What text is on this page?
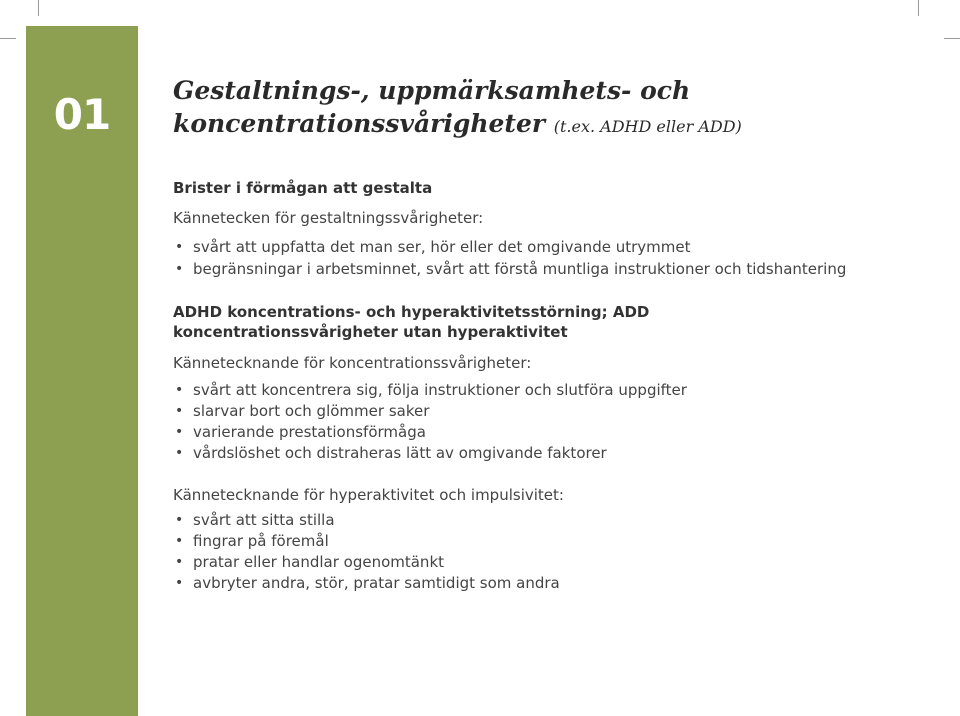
01	Gestaltnings-, uppmärksamhets- och
koncentrationssvårigheter (t.ex. ADHD eller ADD)
Brister i förmågan att gestalta
Kännetecken för gestaltningssvårigheter:
• svårt att uppfatta det man ser, hör eller det omgivande utrymmet
• begränsningar i arbetsminnet, svårt att förstå muntliga instruktioner och tidshantering
ADHD koncentrations- och hyperaktivitetsstörning; ADD koncentrationssvårigheter utan hyperaktivitet
Kännetecknande för koncentrationssvårigheter:
• svårt att koncentrera sig, följa instruktioner och slutföra uppgifter
• slarvar bort och glömmer saker
• varierande prestationsförmåga
• vårdslöshet och distraheras lätt av omgivande faktorer
Kännetecknande för hyperaktivitet och impulsivitet:
• svårt att sitta stilla
• fingrar på föremål
• pratar eller handlar ogenomtänkt
• avbryter andra, stör, pratar samtidigt som andra
